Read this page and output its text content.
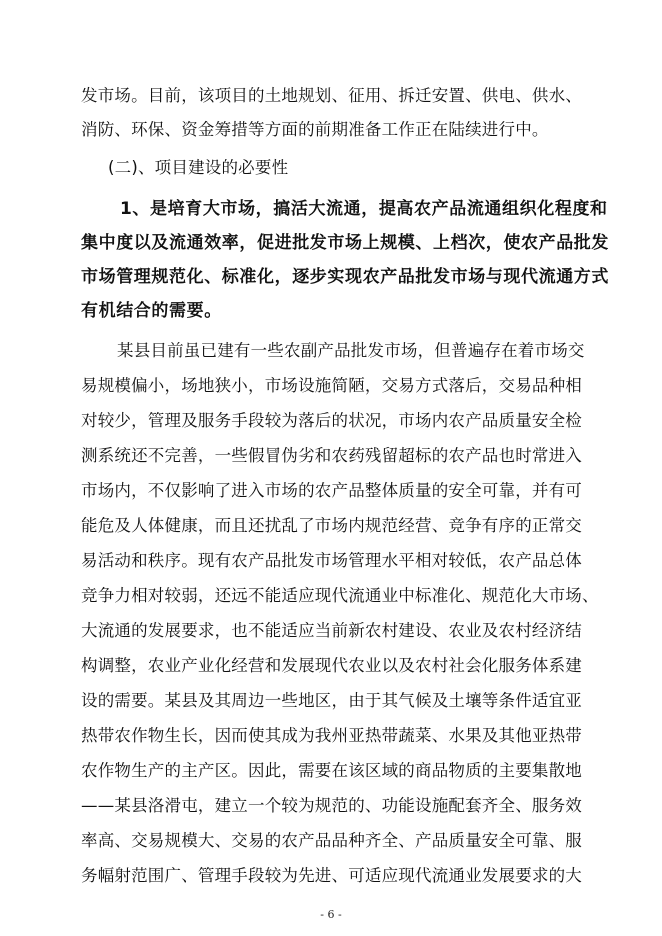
发市场。目前，该项目的土地规划、征用、拆迁安置、供电、供水、
消防、环保、资金筹措等方面的前期准备工作正在陆续进行中。
(二)、项目建设的必要性
1、是培育大市场，搞活大流通，提高农产品流通组织化程度和
集中度以及流通效率，促进批发市场上规模、上档次，使农产品批发
市场管理规范化、标准化，逐步实现农产品批发市场与现代流通方式
有机结合的需要。
某县目前虽已建有一些农副产品批发市场，但普遍存在着市场交
易规模偏小，场地狭小，市场设施简陋，交易方式落后，交易品种相
对较少，管理及服务手段较为落后的状况，市场内农产品质量安全检
测系统还不完善，一些假冒伪劣和农药残留超标的农产品也时常进入
市场内，不仅影响了进入市场的农产品整体质量的安全可靠，并有可
能危及人体健康，而且还扰乱了市场内规范经营、竞争有序的正常交
易活动和秩序。现有农产品批发市场管理水平相对较低，农产品总体
竞争力相对较弱，还远不能适应现代流通业中标准化、规范化大市场、
大流通的发展要求，也不能适应当前新农村建设、农业及农村经济结
构调整，农业产业化经营和发展现代农业以及农村社会化服务体系建
设的需要。某县及其周边一些地区，由于其气候及土壤等条件适宜亚
热带农作物生长，因而使其成为我州亚热带蔬菜、水果及其他亚热带
农作物生产的主产区。因此，需要在该区域的商品物质的主要集散地
——某县洛滑屯，建立一个较为规范的、功能设施配套齐全、服务效
率高、交易规模大、交易的农产品品种齐全、产品质量安全可靠、服
务幅射范围广、管理手段较为先进、可适应现代流通业发展要求的大
- 6 -
